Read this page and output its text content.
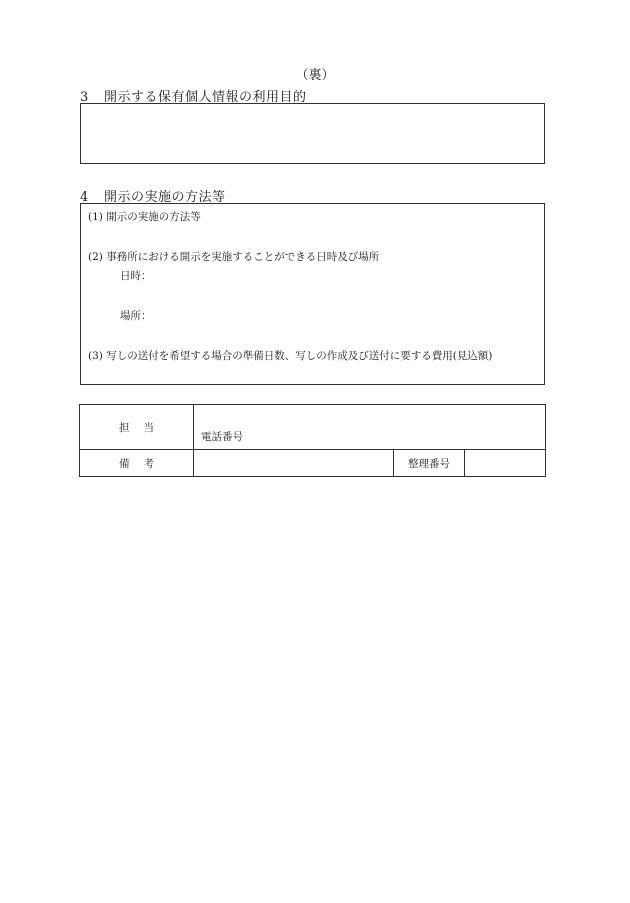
（裏）
3 開示する保有個人情報の利用目的
4 開示の実施の方法等
(1) 開示の実施の方法等
(2) 事務所における開示を実施することができる日時及び場所
日時：
場所：
(3) 写しの送付を希望する場合の準備日数、写しの作成及び送付に要する費用(見込額)
担当	電話番号		
備考		整理番号	
